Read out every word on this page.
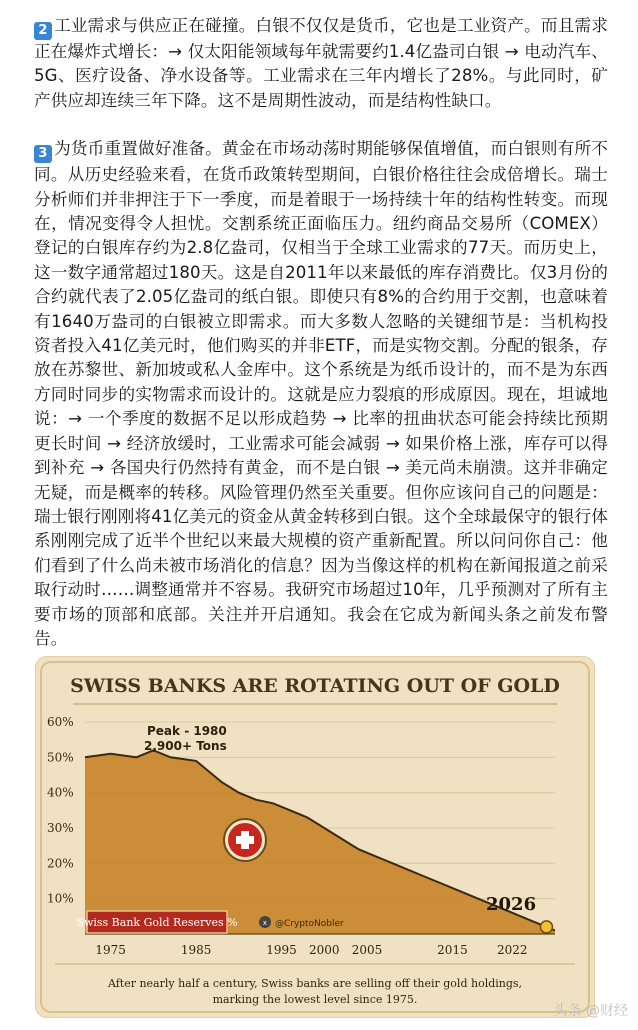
2 工业需求与供应正在碰撞。白银不仅仅是货币，它也是工业资产。而且需求正在爆炸式增长：→ 仅太阳能领域每年就需要约1.4亿盎司白银 → 电动汽车、5G、医疗设备、净水设备等。工业需求在三年内增长了28%。与此同时，矿产供应却连续三年下降。这不是周期性波动，而是结构性缺口。

3 为货币重置做好准备。黄金在市场动荡时期能够保值增值，而白银则有所不同。从历史经验来看，在货币政策转型期间，白银价格往往会成倍增长。瑞士分析师们并非押注于下一季度，而是着眼于一场持续十年的结构性转变。而现在，情况变得令人担忧。交割系统正面临压力。纽约商品交易所（COMEX）登记的白银库存约为2.8亿盎司，仅相当于全球工业需求的77天。而历史上，这一数字通常超过180天。这是自2011年以来最低的库存消费比。仅3月份的合约就代表了2.05亿盎司的纸白银。即使只有8%的合约用于交割，也意味着有1640万盎司的白银被立即需求。而大多数人忽略的关键细节是：当机构投资者投入41亿美元时，他们购买的并非ETF，而是实物交割。分配的银条，存放在苏黎世、新加坡或私人金库中。这个系统是为纸币设计的，而不是为东西方同时同步的实物需求而设计的。这就是应力裂痕的形成原因。现在，坦诚地说：→ 一个季度的数据不足以形成趋势 → 比率的扭曲状态可能会持续比预期更长时间 → 经济放缓时，工业需求可能会减弱 → 如果价格上涨，库存可以得到补充 → 各国央行仍然持有黄金，而不是白银 → 美元尚未崩溃。这并非确定无疑，而是概率的转移。风险管理仍然至关重要。但你应该问自己的问题是：瑞士银行刚刚将41亿美元的资金从黄金转移到白银。这个全球最保守的银行体系刚刚完成了近半个世纪以来最大规模的资产重新配置。所以问问你自己：他们看到了什么尚未被市场消化的信息？因为当像这样的机构在新闻报道之前采取行动时……调整通常并不容易。我研究市场超过10年，几乎预测对了所有主要市场的顶部和底部。关注并开启通知。我会在它成为新闻头条之前发布警告。

SWISS BANKS ARE ROTATING OUT OF GOLD
60%
50%
40%
30%
20%
10%
1975	1985	1995 2000 2005	2015 2022
Peak - 1980
2,900+ Tons
2026
Swiss Bank Gold Reserves %	x @CryptoNobler
After nearly half a century, Swiss banks are selling off their gold holdings,
marking the lowest level since 1975.
头条 @财经
